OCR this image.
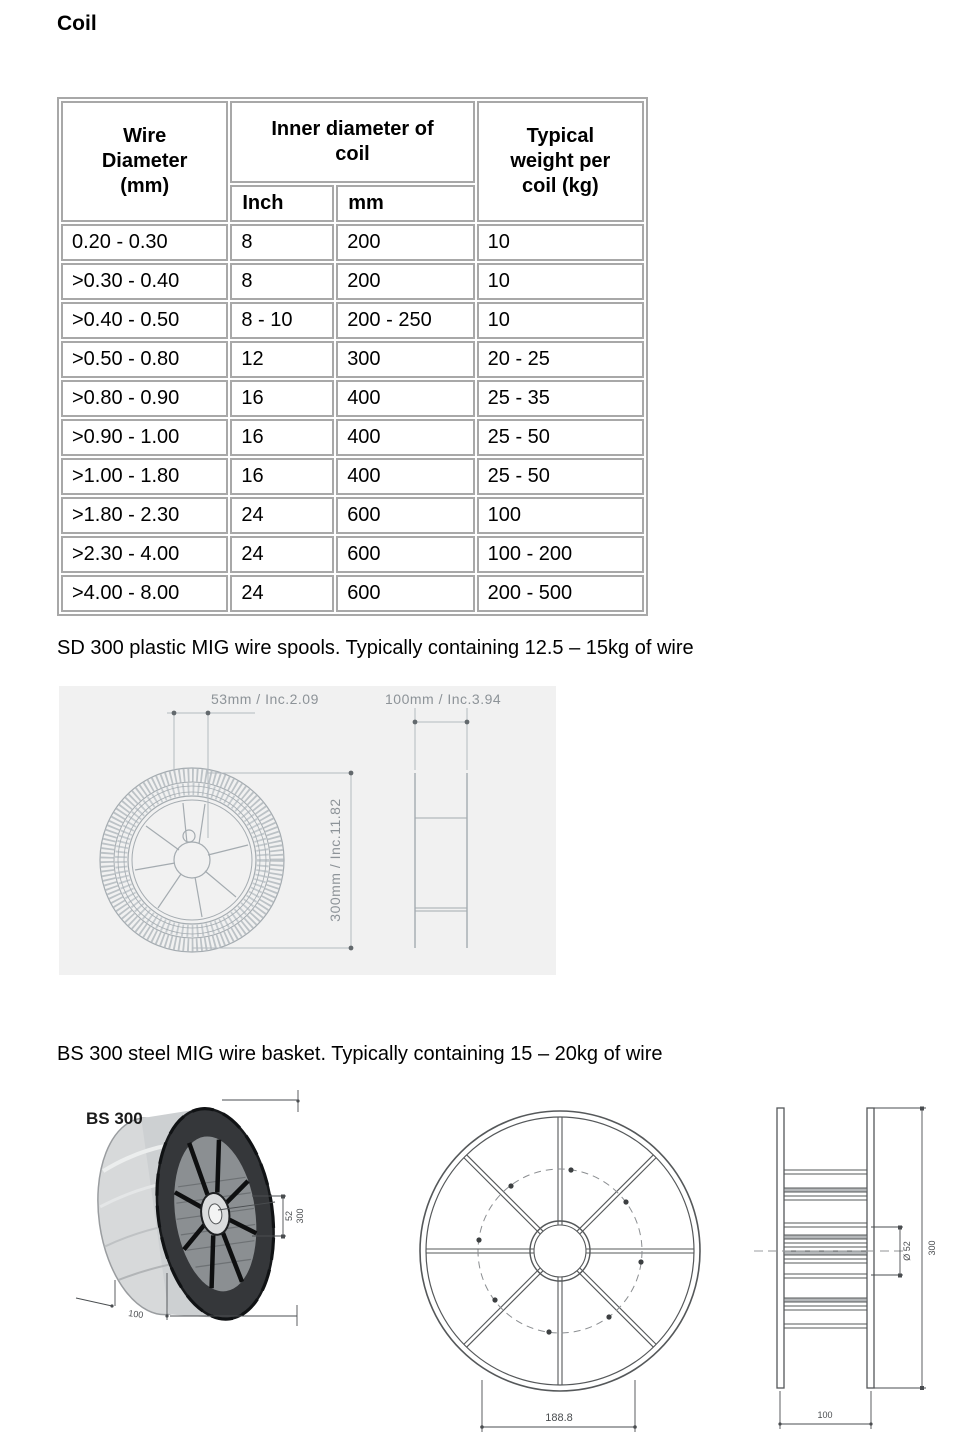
Coil
Wire Diameter (mm)	Inner diameter of coil		Typical weight per coil (kg)
	Inch	mm	
0.20 - 0.30	8	200	10
>0.30 - 0.40	8	200	10
>0.40 - 0.50	8 - 10	200 - 250	10
>0.50 - 0.80	12	300	20 - 25
>0.80 - 0.90	16	400	25 - 35
>0.90 - 1.00	16	400	25 - 50
>1.00 - 1.80	16	400	25 - 50
>1.80 - 2.30	24	600	100
>2.30 - 4.00	24	600	100 - 200
>4.00 - 8.00	24	600	200 - 500
SD 300 plastic MIG wire spools. Typically containing 12.5 – 15kg of wire
53mm / Inc.2.09
300mm / Inc.11.82
100mm / Inc.3.94
BS 300 steel MIG wire basket. Typically containing 15 – 20kg of wire
52 300
100
BS 300
188.8
Ø 52 300
100
